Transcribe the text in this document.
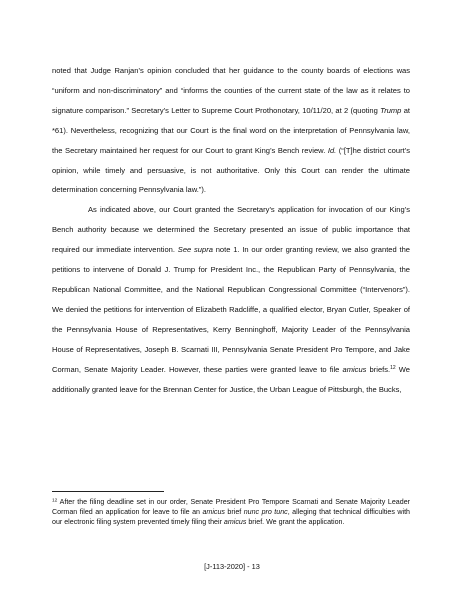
noted that Judge Ranjan’s opinion concluded that her guidance to the county boards of elections was “uniform and non-discriminatory” and “informs the counties of the current state of the law as it relates to signature comparison.” Secretary’s Letter to Supreme Court Prothonotary, 10/11/20, at 2 (quoting Trump at *61). Nevertheless, recognizing that our Court is the final word on the interpretation of Pennsylvania law, the Secretary maintained her request for our Court to grant King’s Bench review. Id. (“[T]he district court’s opinion, while timely and persuasive, is not authoritative. Only this Court can render the ultimate determination concerning Pennsylvania law.”).

As indicated above, our Court granted the Secretary’s application for invocation of our King’s Bench authority because we determined the Secretary presented an issue of public importance that required our immediate intervention. See supra note 1. In our order granting review, we also granted the petitions to intervene of Donald J. Trump for President Inc., the Republican Party of Pennsylvania, the Republican National Committee, and the National Republican Congressional Committee (“Intervenors”). We denied the petitions for intervention of Elizabeth Radcliffe, a qualified elector, Bryan Cutler, Speaker of the Pennsylvania House of Representatives, Kerry Benninghoff, Majority Leader of the Pennsylvania House of Representatives, Joseph B. Scarnati III, Pennsylvania Senate President Pro Tempore, and Jake Corman, Senate Majority Leader. However, these parties were granted leave to file amicus briefs.$^{12}$ We additionally granted leave for the Brennan Center for Justice, the Urban League of Pittsburgh, the Bucks,

$^{12}$ After the filing deadline set in our order, Senate President Pro Tempore Scarnati and Senate Majority Leader Corman filed an application for leave to file an amicus brief nunc pro tunc, alleging that technical difficulties with our electronic filing system prevented timely filing their amicus brief. We grant the application.

[J-113-2020] - 13
